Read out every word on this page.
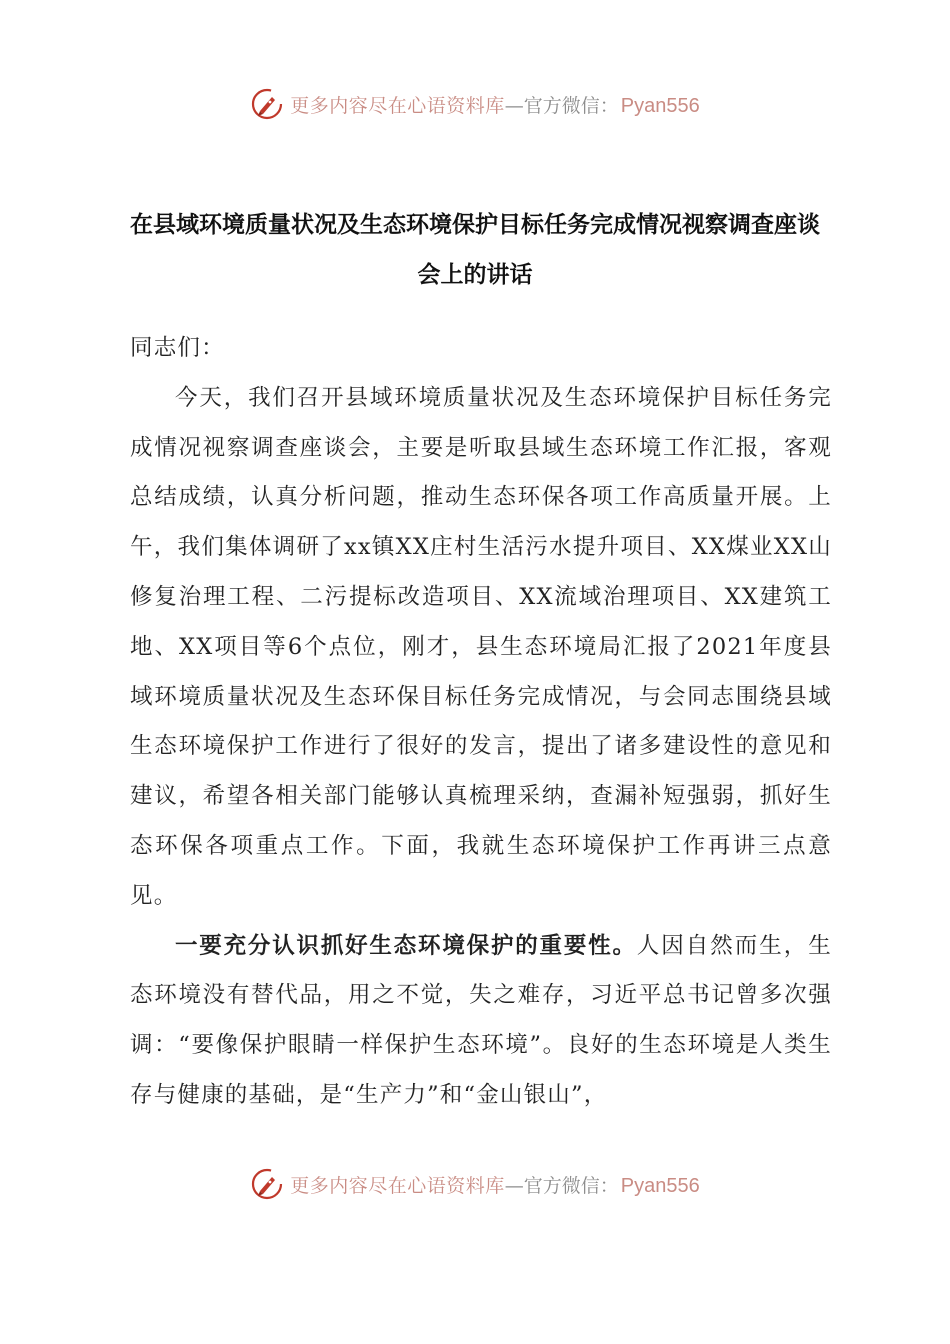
更多内容尽在心语资料库 — 官方微信： Pyan556
在县域环境质量状况及生态环境保护目标任务完成情况视察调查座谈会上的讲话

同志们：

今天，我们召开县域环境质量状况及生态环境保护目标任务完成情况视察调查座谈会，主要是听取县域生态环境工作汇报，客观总结成绩，认真分析问题，推动生态环保各项工作高质量开展。上午，我们集体调研了xx镇XX庄村生活污水提升项目、XX煤业XX山修复治理工程、二污提标改造项目、XX流域治理项目、XX建筑工地、XX项目等6个点位，刚才，县生态环境局汇报了2021年度县域环境质量状况及生态环保目标任务完成情况，与会同志围绕县域生态环境保护工作进行了很好的发言，提出了诸多建设性的意见和建议，希望各相关部门能够认真梳理采纳，查漏补短强弱，抓好生态环保各项重点工作。下面，我就生态环境保护工作再讲三点意见。

一要充分认识抓好生态环境保护的重要性。人因自然而生，生态环境没有替代品，用之不觉，失之难存，习近平总书记曾多次强调：“要像保护眼睛一样保护生态环境”。良好的生态环境是人类生存与健康的基础，是“生产力”和“金山银山”，

更多内容尽在心语资料库 — 官方微信： Pyan556
